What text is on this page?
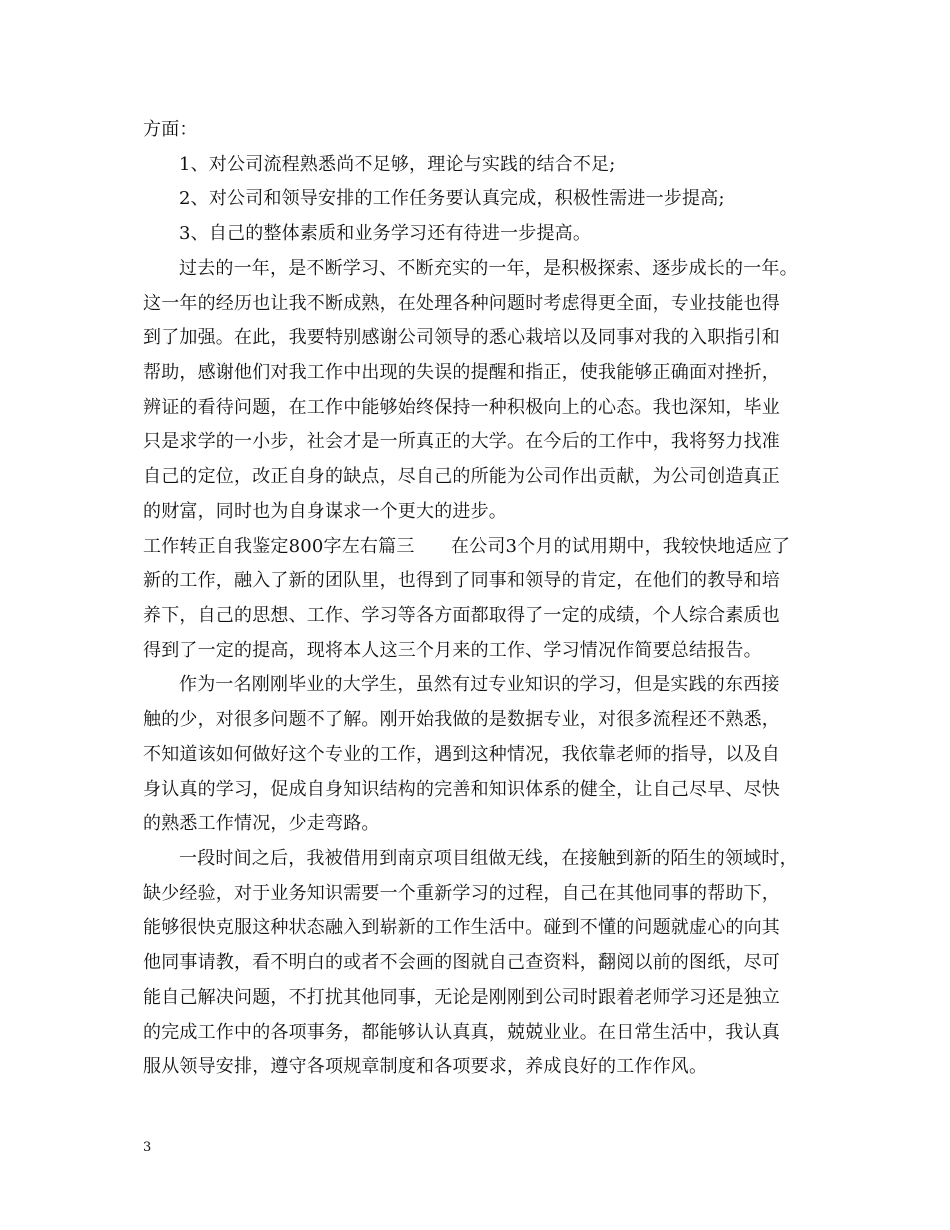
方面：
1、对公司流程熟悉尚不足够，理论与实践的结合不足;
2、对公司和领导安排的工作任务要认真完成，积极性需进一步提高;
3、自己的整体素质和业务学习还有待进一步提高。
过去的一年，是不断学习、不断充实的一年，是积极探索、逐步成长的一年。
这一年的经历也让我不断成熟，在处理各种问题时考虑得更全面，专业技能也得
到了加强。在此，我要特别感谢公司领导的悉心栽培以及同事对我的入职指引和
帮助，感谢他们对我工作中出现的失误的提醒和指正，使我能够正确面对挫折，
辨证的看待问题，在工作中能够始终保持一种积极向上的心态。我也深知，毕业
只是求学的一小步，社会才是一所真正的大学。在今后的工作中，我将努力找准
自己的定位，改正自身的缺点，尽自己的所能为公司作出贡献，为公司创造真正
的财富，同时也为自身谋求一个更大的进步。
工作转正自我鉴定800字左右篇三　　在公司3个月的试用期中，我较快地适应了
新的工作，融入了新的团队里，也得到了同事和领导的肯定，在他们的教导和培
养下，自己的思想、工作、学习等各方面都取得了一定的成绩，个人综合素质也
得到了一定的提高，现将本人这三个月来的工作、学习情况作简要总结报告。
作为一名刚刚毕业的大学生，虽然有过专业知识的学习，但是实践的东西接
触的少，对很多问题不了解。刚开始我做的是数据专业，对很多流程还不熟悉，
不知道该如何做好这个专业的工作，遇到这种情况，我依靠老师的指导，以及自
身认真的学习，促成自身知识结构的完善和知识体系的健全，让自己尽早、尽快
的熟悉工作情况，少走弯路。
一段时间之后，我被借用到南京项目组做无线，在接触到新的陌生的领域时，
缺少经验，对于业务知识需要一个重新学习的过程，自己在其他同事的帮助下，
能够很快克服这种状态融入到崭新的工作生活中。碰到不懂的问题就虚心的向其
他同事请教，看不明白的或者不会画的图就自己查资料，翻阅以前的图纸，尽可
能自己解决问题，不打扰其他同事，无论是刚刚到公司时跟着老师学习还是独立
的完成工作中的各项事务，都能够认认真真，兢兢业业。在日常生活中，我认真
服从领导安排，遵守各项规章制度和各项要求，养成良好的工作作风。
3
